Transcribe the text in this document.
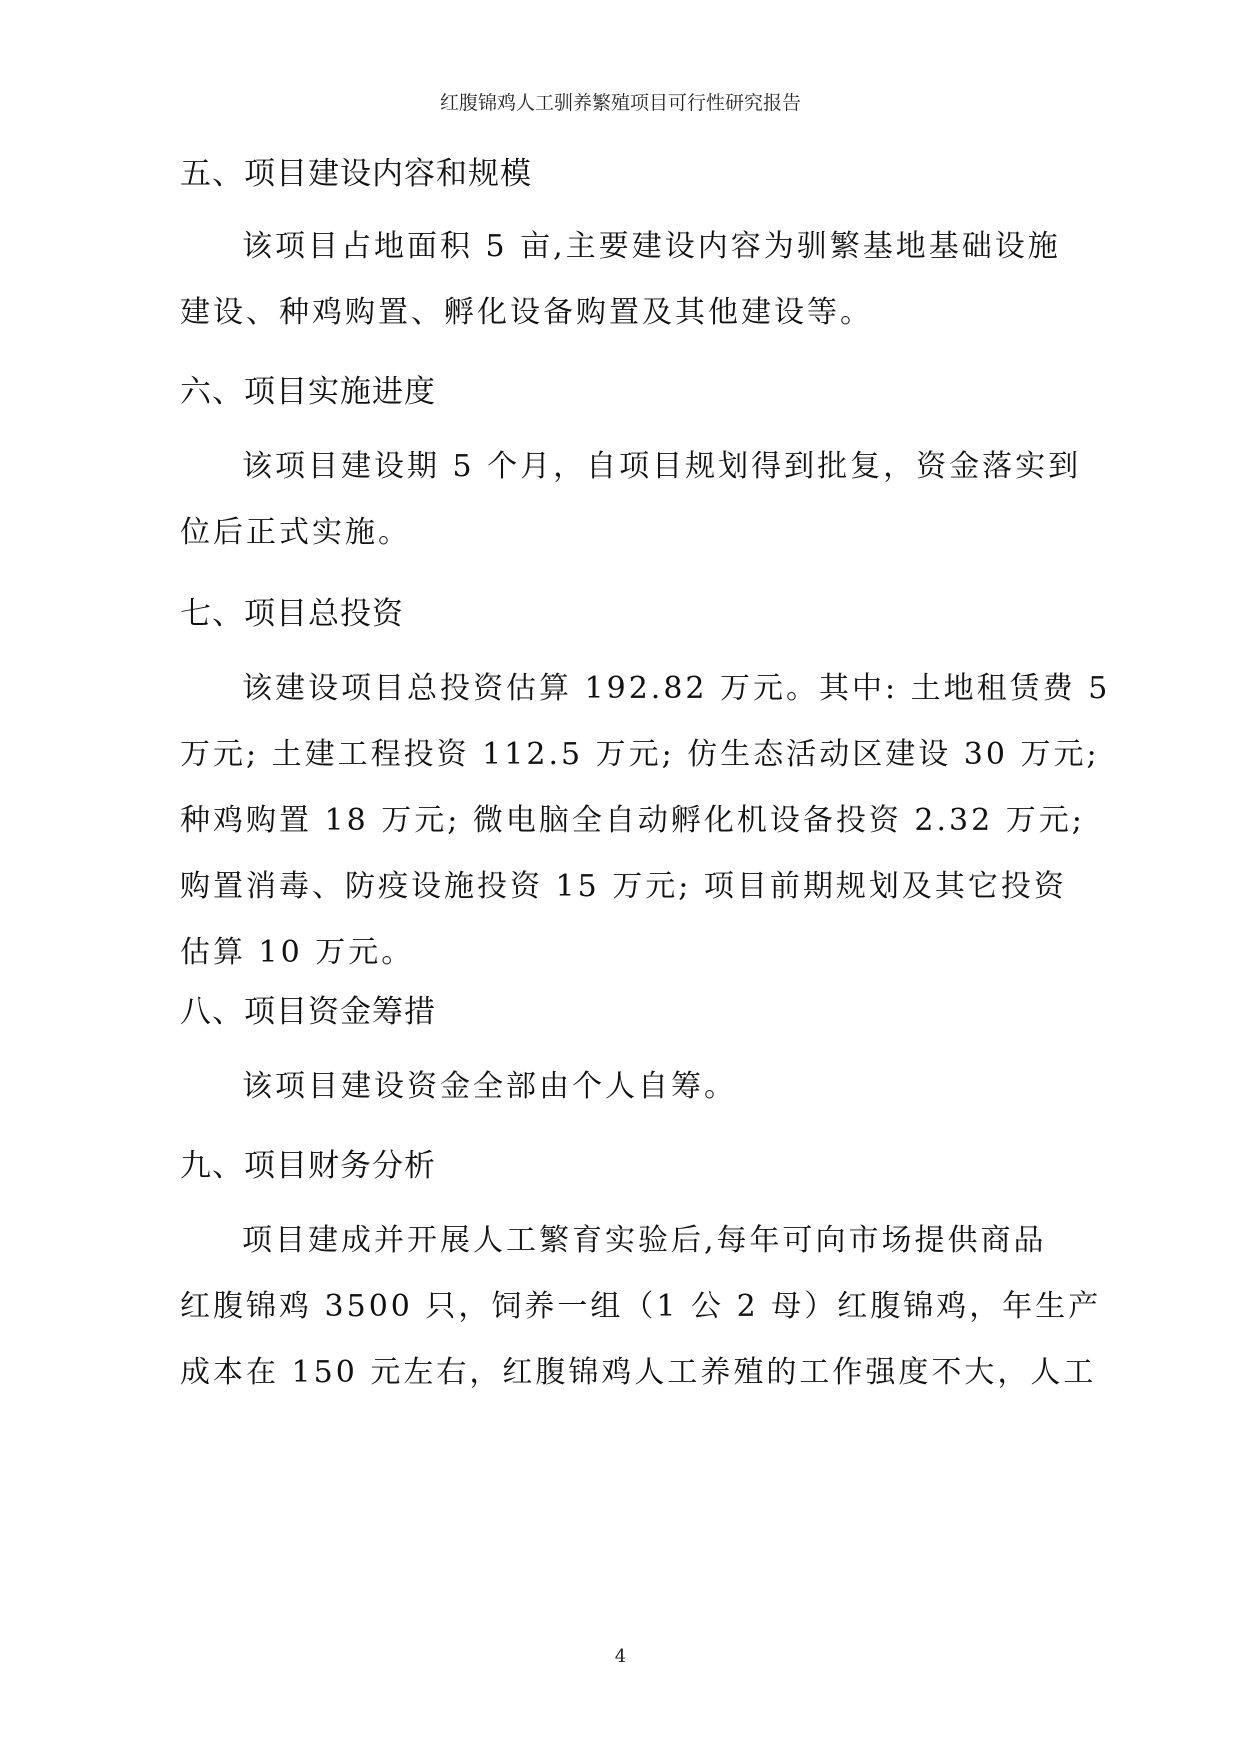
红腹锦鸡人工驯养繁殖项目可行性研究报告
五、项目建设内容和规模

该项目占地面积 5 亩,主要建设内容为驯繁基地基础设施
建设、种鸡购置、孵化设备购置及其他建设等。

六、项目实施进度

该项目建设期 5 个月，自项目规划得到批复，资金落实到
位后正式实施。

七、项目总投资

该建设项目总投资估算 192.82 万元。其中: 土地租赁费 5
万元; 土建工程投资 112.5 万元; 仿生态活动区建设 30 万元;
种鸡购置 18 万元; 微电脑全自动孵化机设备投资 2.32 万元;
购置消毒、防疫设施投资 15 万元; 项目前期规划及其它投资
估算 10 万元。

八、项目资金筹措

该项目建设资金全部由个人自筹。

九、项目财务分析

项目建成并开展人工繁育实验后,每年可向市场提供商品
红腹锦鸡 3500 只，饲养一组（1 公 2 母）红腹锦鸡，年生产
成本在 150 元左右，红腹锦鸡人工养殖的工作强度不大，人工

4
